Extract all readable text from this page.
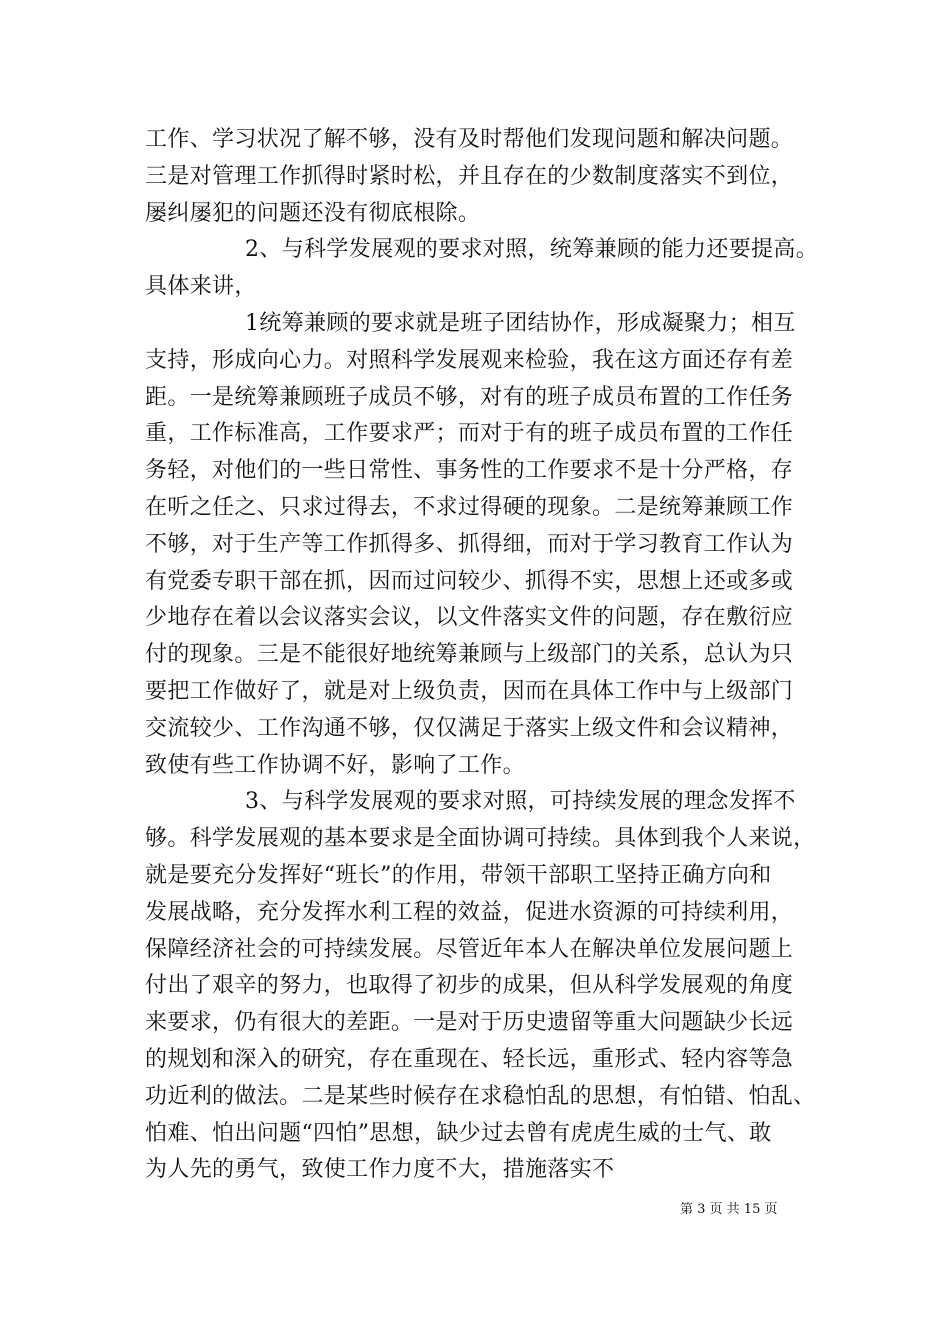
工作、学习状况了解不够，没有及时帮他们发现问题和解决问题。
三是对管理工作抓得时紧时松，并且存在的少数制度落实不到位，
屡纠屡犯的问题还没有彻底根除。
2、与科学发展观的要求对照，统筹兼顾的能力还要提高。
具体来讲，
1统筹兼顾的要求就是班子团结协作，形成凝聚力；相互
支持，形成向心力。对照科学发展观来检验，我在这方面还存有差
距。一是统筹兼顾班子成员不够，对有的班子成员布置的工作任务
重，工作标准高，工作要求严；而对于有的班子成员布置的工作任
务轻，对他们的一些日常性、事务性的工作要求不是十分严格，存
在听之任之、只求过得去，不求过得硬的现象。二是统筹兼顾工作
不够，对于生产等工作抓得多、抓得细，而对于学习教育工作认为
有党委专职干部在抓，因而过问较少、抓得不实，思想上还或多或
少地存在着以会议落实会议，以文件落实文件的问题，存在敷衍应
付的现象。三是不能很好地统筹兼顾与上级部门的关系，总认为只
要把工作做好了，就是对上级负责，因而在具体工作中与上级部门
交流较少、工作沟通不够，仅仅满足于落实上级文件和会议精神，
致使有些工作协调不好，影响了工作。
3、与科学发展观的要求对照，可持续发展的理念发挥不
够。科学发展观的基本要求是全面协调可持续。具体到我个人来说，
就是要充分发挥好“班长”的作用，带领干部职工坚持正确方向和
发展战略，充分发挥水利工程的效益，促进水资源的可持续利用，
保障经济社会的可持续发展。尽管近年本人在解决单位发展问题上
付出了艰辛的努力，也取得了初步的成果，但从科学发展观的角度
来要求，仍有很大的差距。一是对于历史遗留等重大问题缺少长远
的规划和深入的研究，存在重现在、轻长远，重形式、轻内容等急
功近利的做法。二是某些时候存在求稳怕乱的思想，有怕错、怕乱、
怕难、怕出问题“四怕”思想，缺少过去曾有虎虎生威的士气、敢
为人先的勇气，致使工作力度不大，措施落实不
第 3 页 共 15 页
